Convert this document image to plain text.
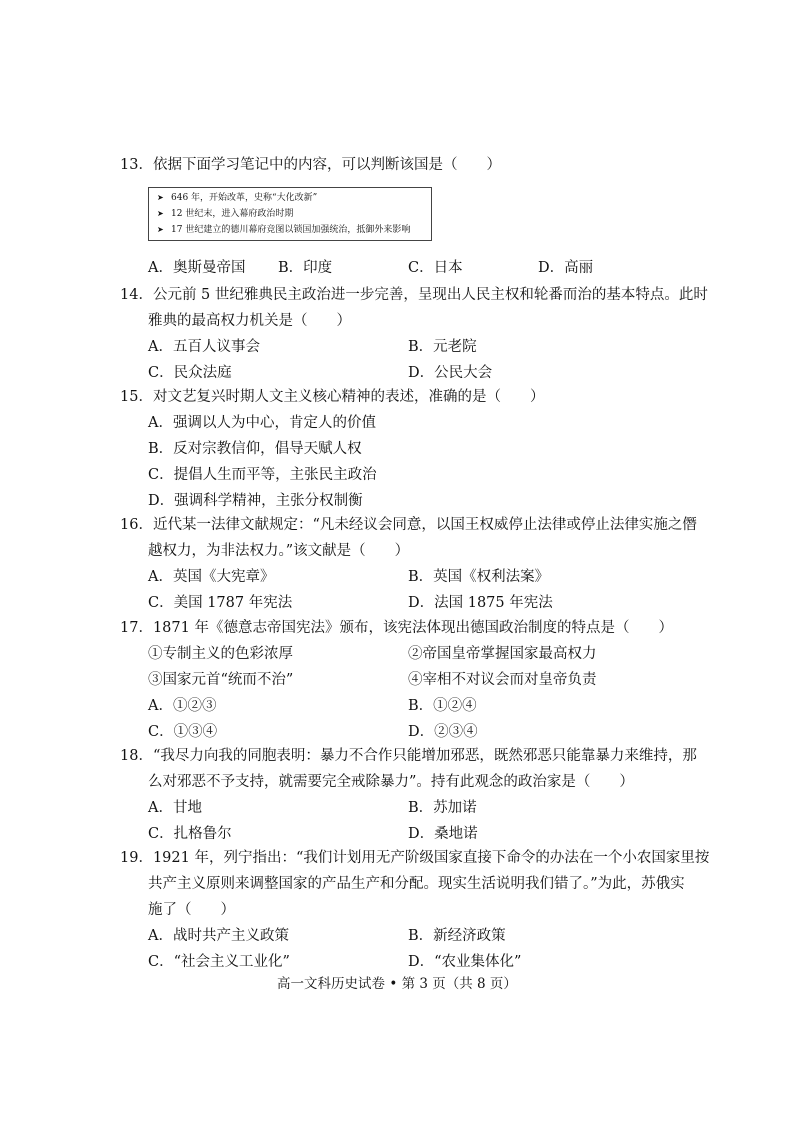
13．依据下面学习笔记中的内容，可以判断该国是（　　）
➤ 646 年，开始改革，史称“大化改新”
➤ 12 世纪末，进入幕府政治时期
➤ 17 世纪建立的德川幕府竞图以锁国加强统治，抵御外来影响
A．奥斯曼帝国	B．印度	C．日本	D．高丽
14．公元前 5 世纪雅典民主政治进一步完善，呈现出人民主权和轮番而治的基本特点。此时
雅典的最高权力机关是（　　）
A．五百人议事会	B．元老院
C．民众法庭	D．公民大会
15．对文艺复兴时期人文主义核心精神的表述，准确的是（　　）
A．强调以人为中心，肯定人的价值
B．反对宗教信仰，倡导天赋人权
C．提倡人生而平等，主张民主政治
D．强调科学精神，主张分权制衡
16．近代某一法律文献规定：“凡未经议会同意，以国王权威停止法律或停止法律实施之僭
越权力，为非法权力。”该文献是（　　）
A．英国《大宪章》	B．英国《权利法案》
C．美国 1787 年宪法	D．法国 1875 年宪法
17．1871 年《德意志帝国宪法》颁布，该宪法体现出德国政治制度的特点是（　　）
①专制主义的色彩浓厚	②帝国皇帝掌握国家最高权力
③国家元首“统而不治”	④宰相不对议会而对皇帝负责
A．①②③	B．①②④
C．①③④	D．②③④
18．“我尽力向我的同胞表明：暴力不合作只能增加邪恶，既然邪恶只能靠暴力来维持，那
么对邪恶不予支持，就需要完全戒除暴力”。持有此观念的政治家是（　　）
A．甘地	B．苏加诺
C．扎格鲁尔	D．桑地诺
19．1921 年，列宁指出：“我们计划用无产阶级国家直接下命令的办法在一个小农国家里按
共产主义原则来调整国家的产品生产和分配。现实生活说明我们错了。”为此，苏俄实
施了（　　）
A．战时共产主义政策	B．新经济政策
C．“社会主义工业化”	D．“农业集体化”
高一文科历史试卷 • 第 3 页（共 8 页）
